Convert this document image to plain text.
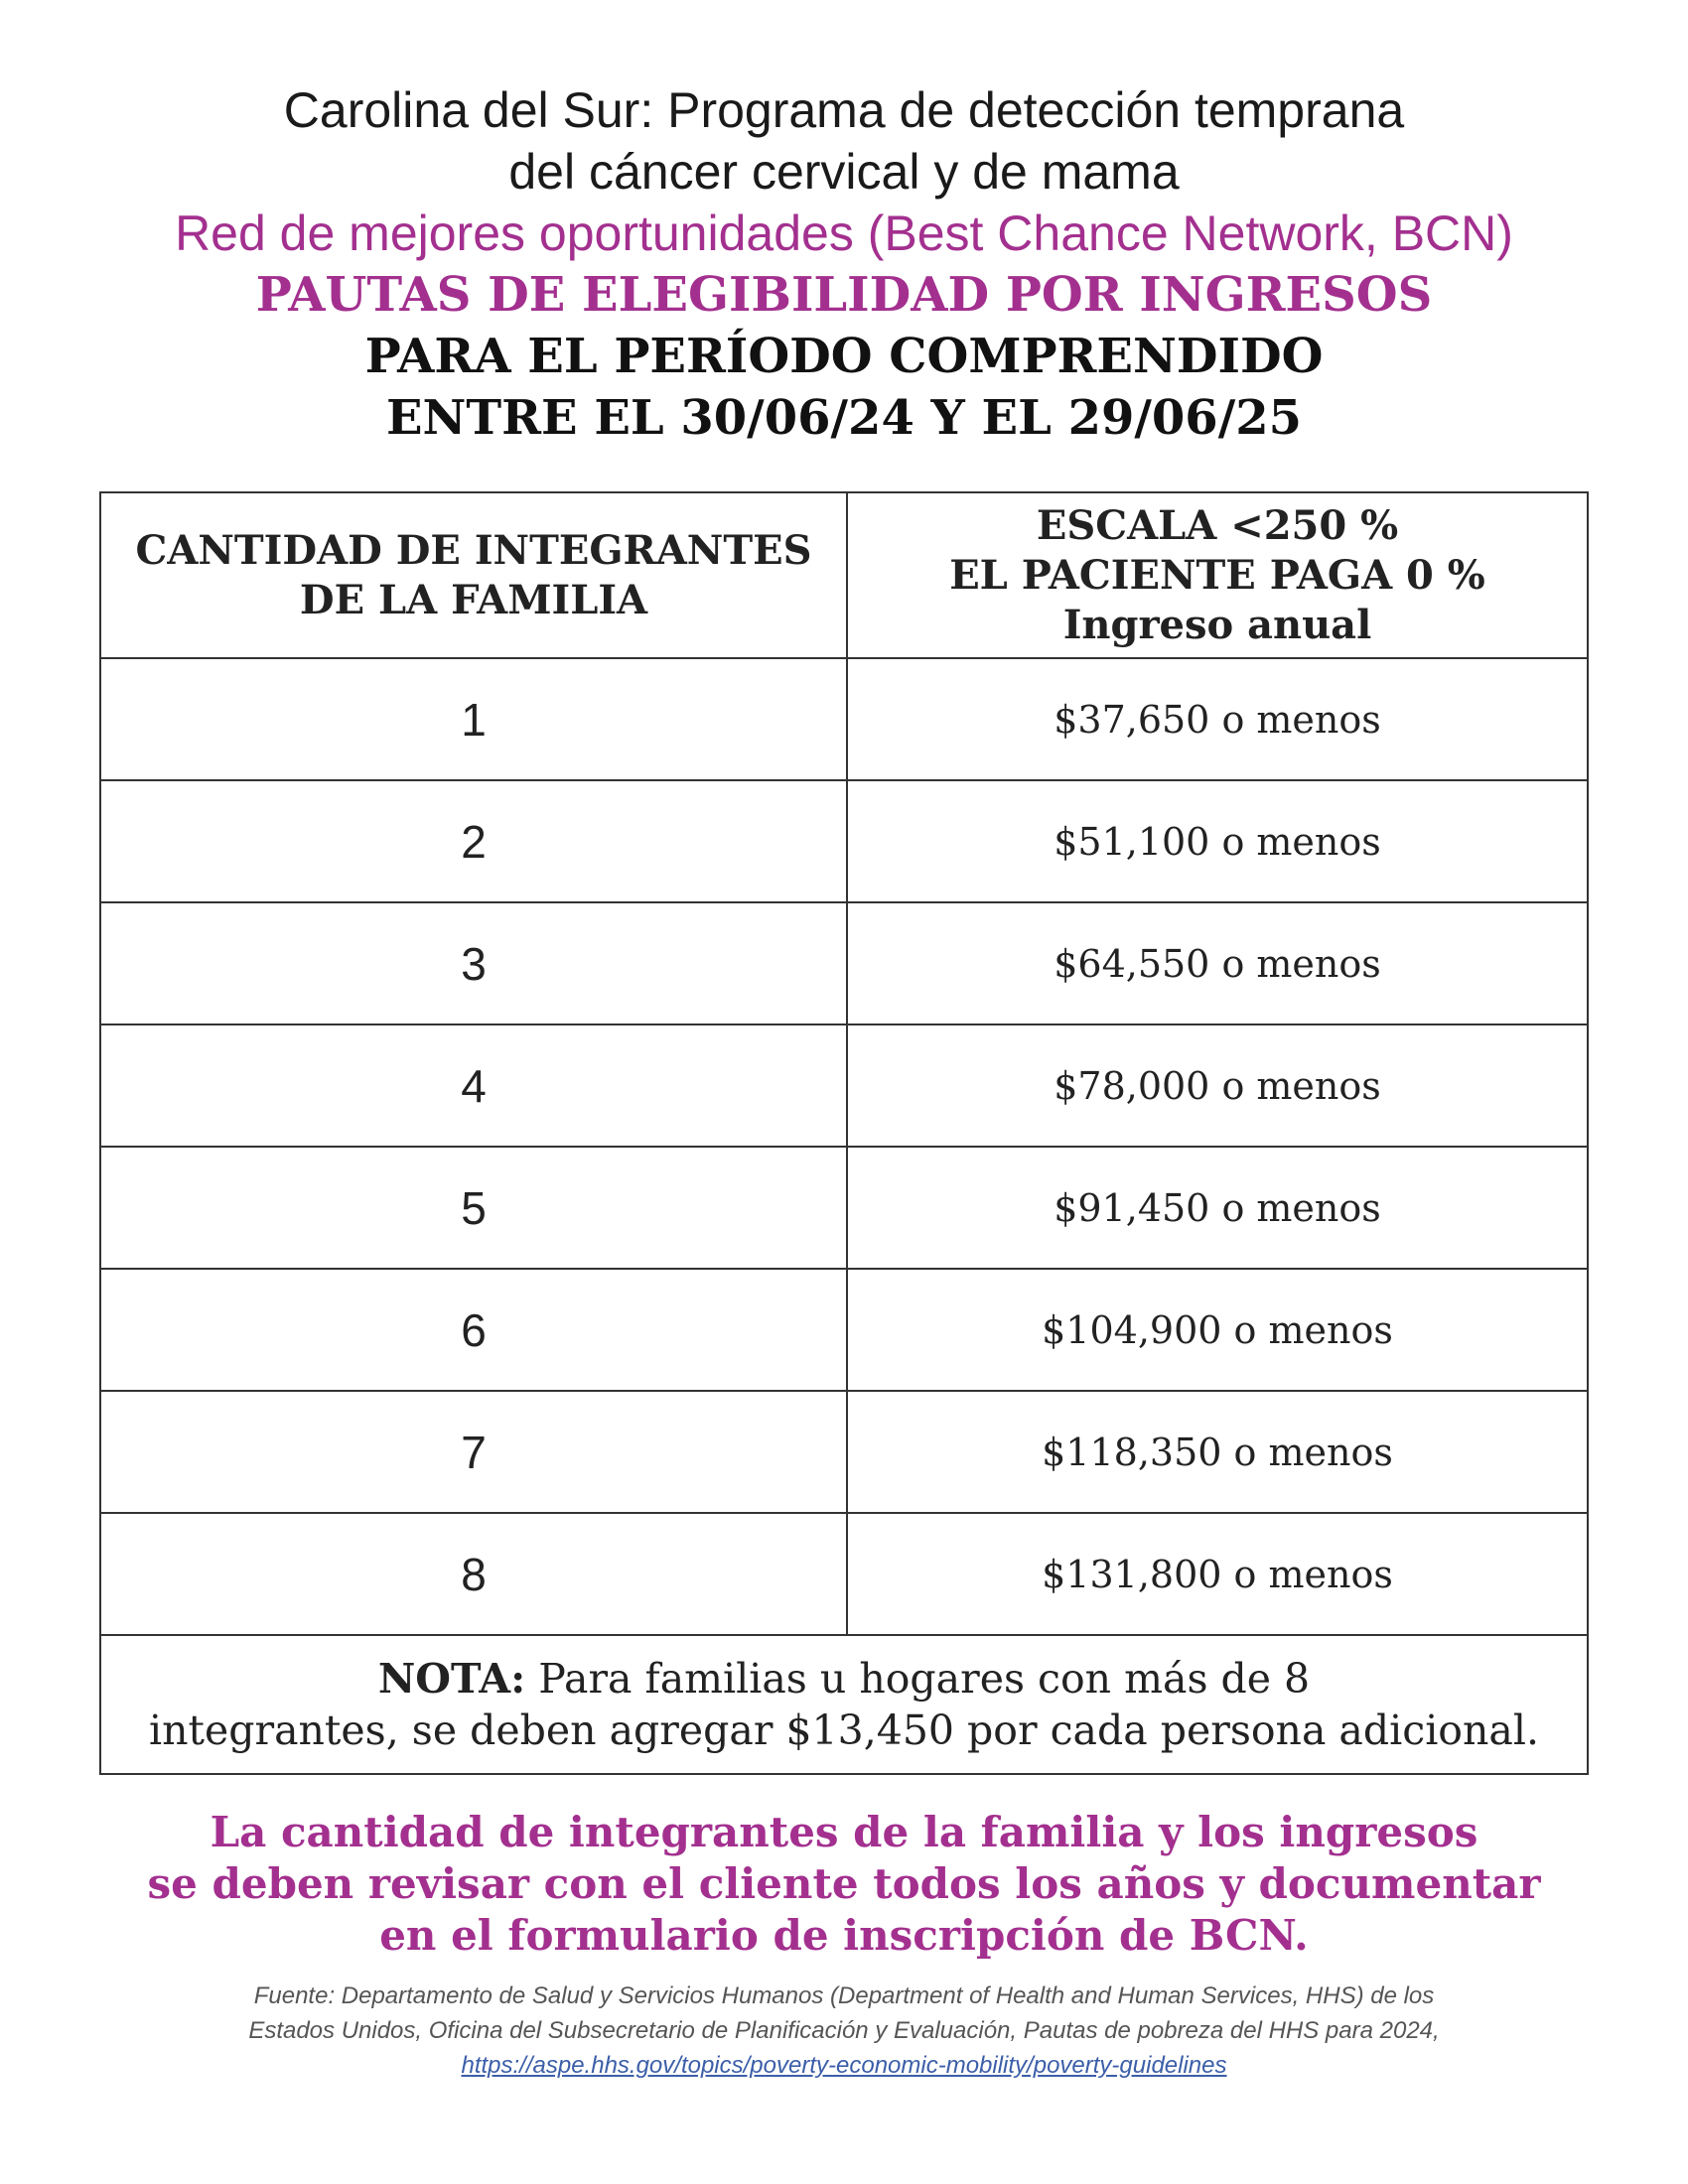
Carolina del Sur: Programa de detección temprana
del cáncer cervical y de mama
Red de mejores oportunidades (Best Chance Network, BCN)
PAUTAS DE ELEGIBILIDAD POR INGRESOS
PARA EL PERÍODO COMPRENDIDO
ENTRE EL 30/06/24 Y EL 29/06/25
CANTIDAD DE INTEGRANTES
DE LA FAMILIA	ESCALA <250 %
EL PACIENTE PAGA 0 %
Ingreso anual
1	$37,650 o menos
2	$51,100 o menos
3	$64,550 o menos
4	$78,000 o menos
5	$91,450 o menos
6	$104,900 o menos
7	$118,350 o menos
8	$131,800 o menos
NOTA: Para familias u hogares con más de 8
integrantes, se deben agregar $13,450 por cada persona adicional.	
La cantidad de integrantes de la familia y los ingresos
se deben revisar con el cliente todos los años y documentar
en el formulario de inscripción de BCN.
Fuente: Departamento de Salud y Servicios Humanos (Department of Health and Human Services, HHS) de los
Estados Unidos, Oficina del Subsecretario de Planificación y Evaluación, Pautas de pobreza del HHS para 2024,
https://aspe.hhs.gov/topics/poverty-economic-mobility/poverty-guidelines
